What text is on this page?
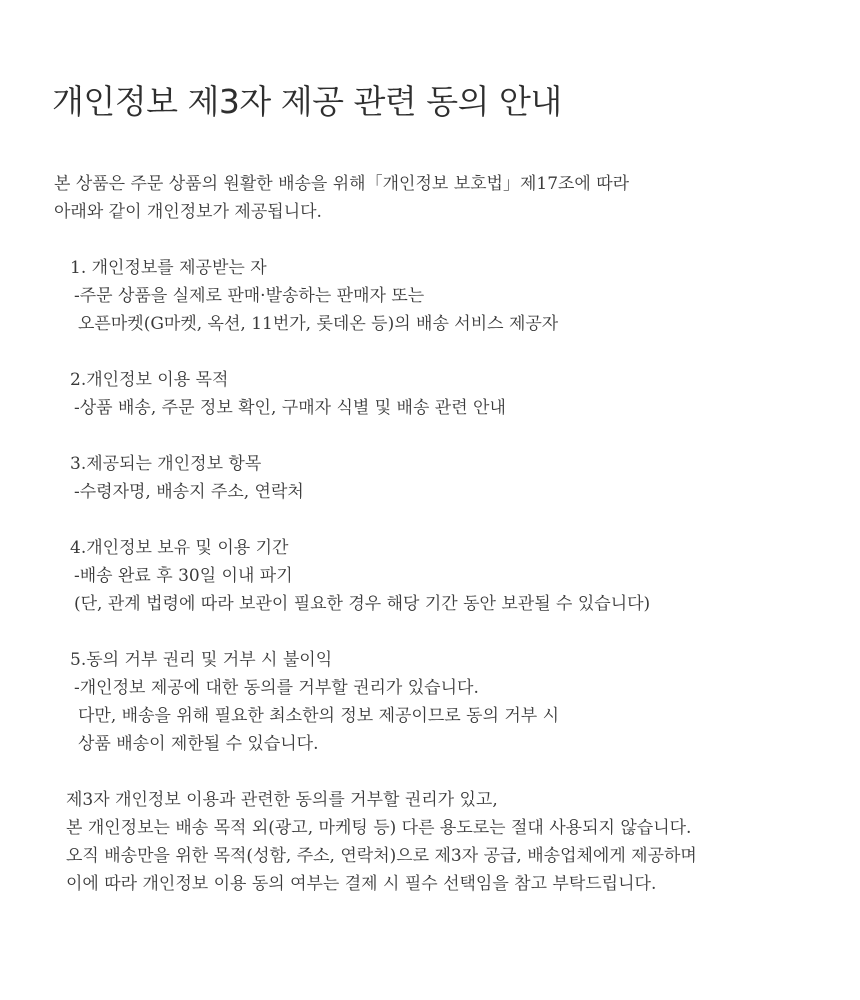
개인정보 제3자 제공 관련 동의 안내

본 상품은 주문 상품의 원활한 배송을 위해「개인정보 보호법」제17조에 따라

아래와 같이 개인정보가 제공됩니다.

1. 개인정보를 제공받는 자

-주문 상품을 실제로 판매·발송하는 판매자 또는

오픈마켓(G마켓, 옥션, 11번가, 롯데온 등)의 배송 서비스 제공자

2.개인정보 이용 목적

-상품 배송, 주문 정보 확인, 구매자 식별 및 배송 관련 안내

3.제공되는 개인정보 항목

-수령자명, 배송지 주소, 연락처

4.개인정보 보유 및 이용 기간

-배송 완료 후 30일 이내 파기

(단, 관계 법령에 따라 보관이 필요한 경우 해당 기간 동안 보관될 수 있습니다)

5.동의 거부 권리 및 거부 시 불이익

-개인정보 제공에 대한 동의를 거부할 권리가 있습니다.

다만, 배송을 위해 필요한 최소한의 정보 제공이므로 동의 거부 시

상품 배송이 제한될 수 있습니다.

제3자 개인정보 이용과 관련한 동의를 거부할 권리가 있고,

본 개인정보는 배송 목적 외(광고, 마케팅 등) 다른 용도로는 절대 사용되지 않습니다.

오직 배송만을 위한 목적(성함, 주소, 연락처)으로 제3자 공급, 배송업체에게 제공하며

이에 따라 개인정보 이용 동의 여부는 결제 시 필수 선택임을 참고 부탁드립니다.
